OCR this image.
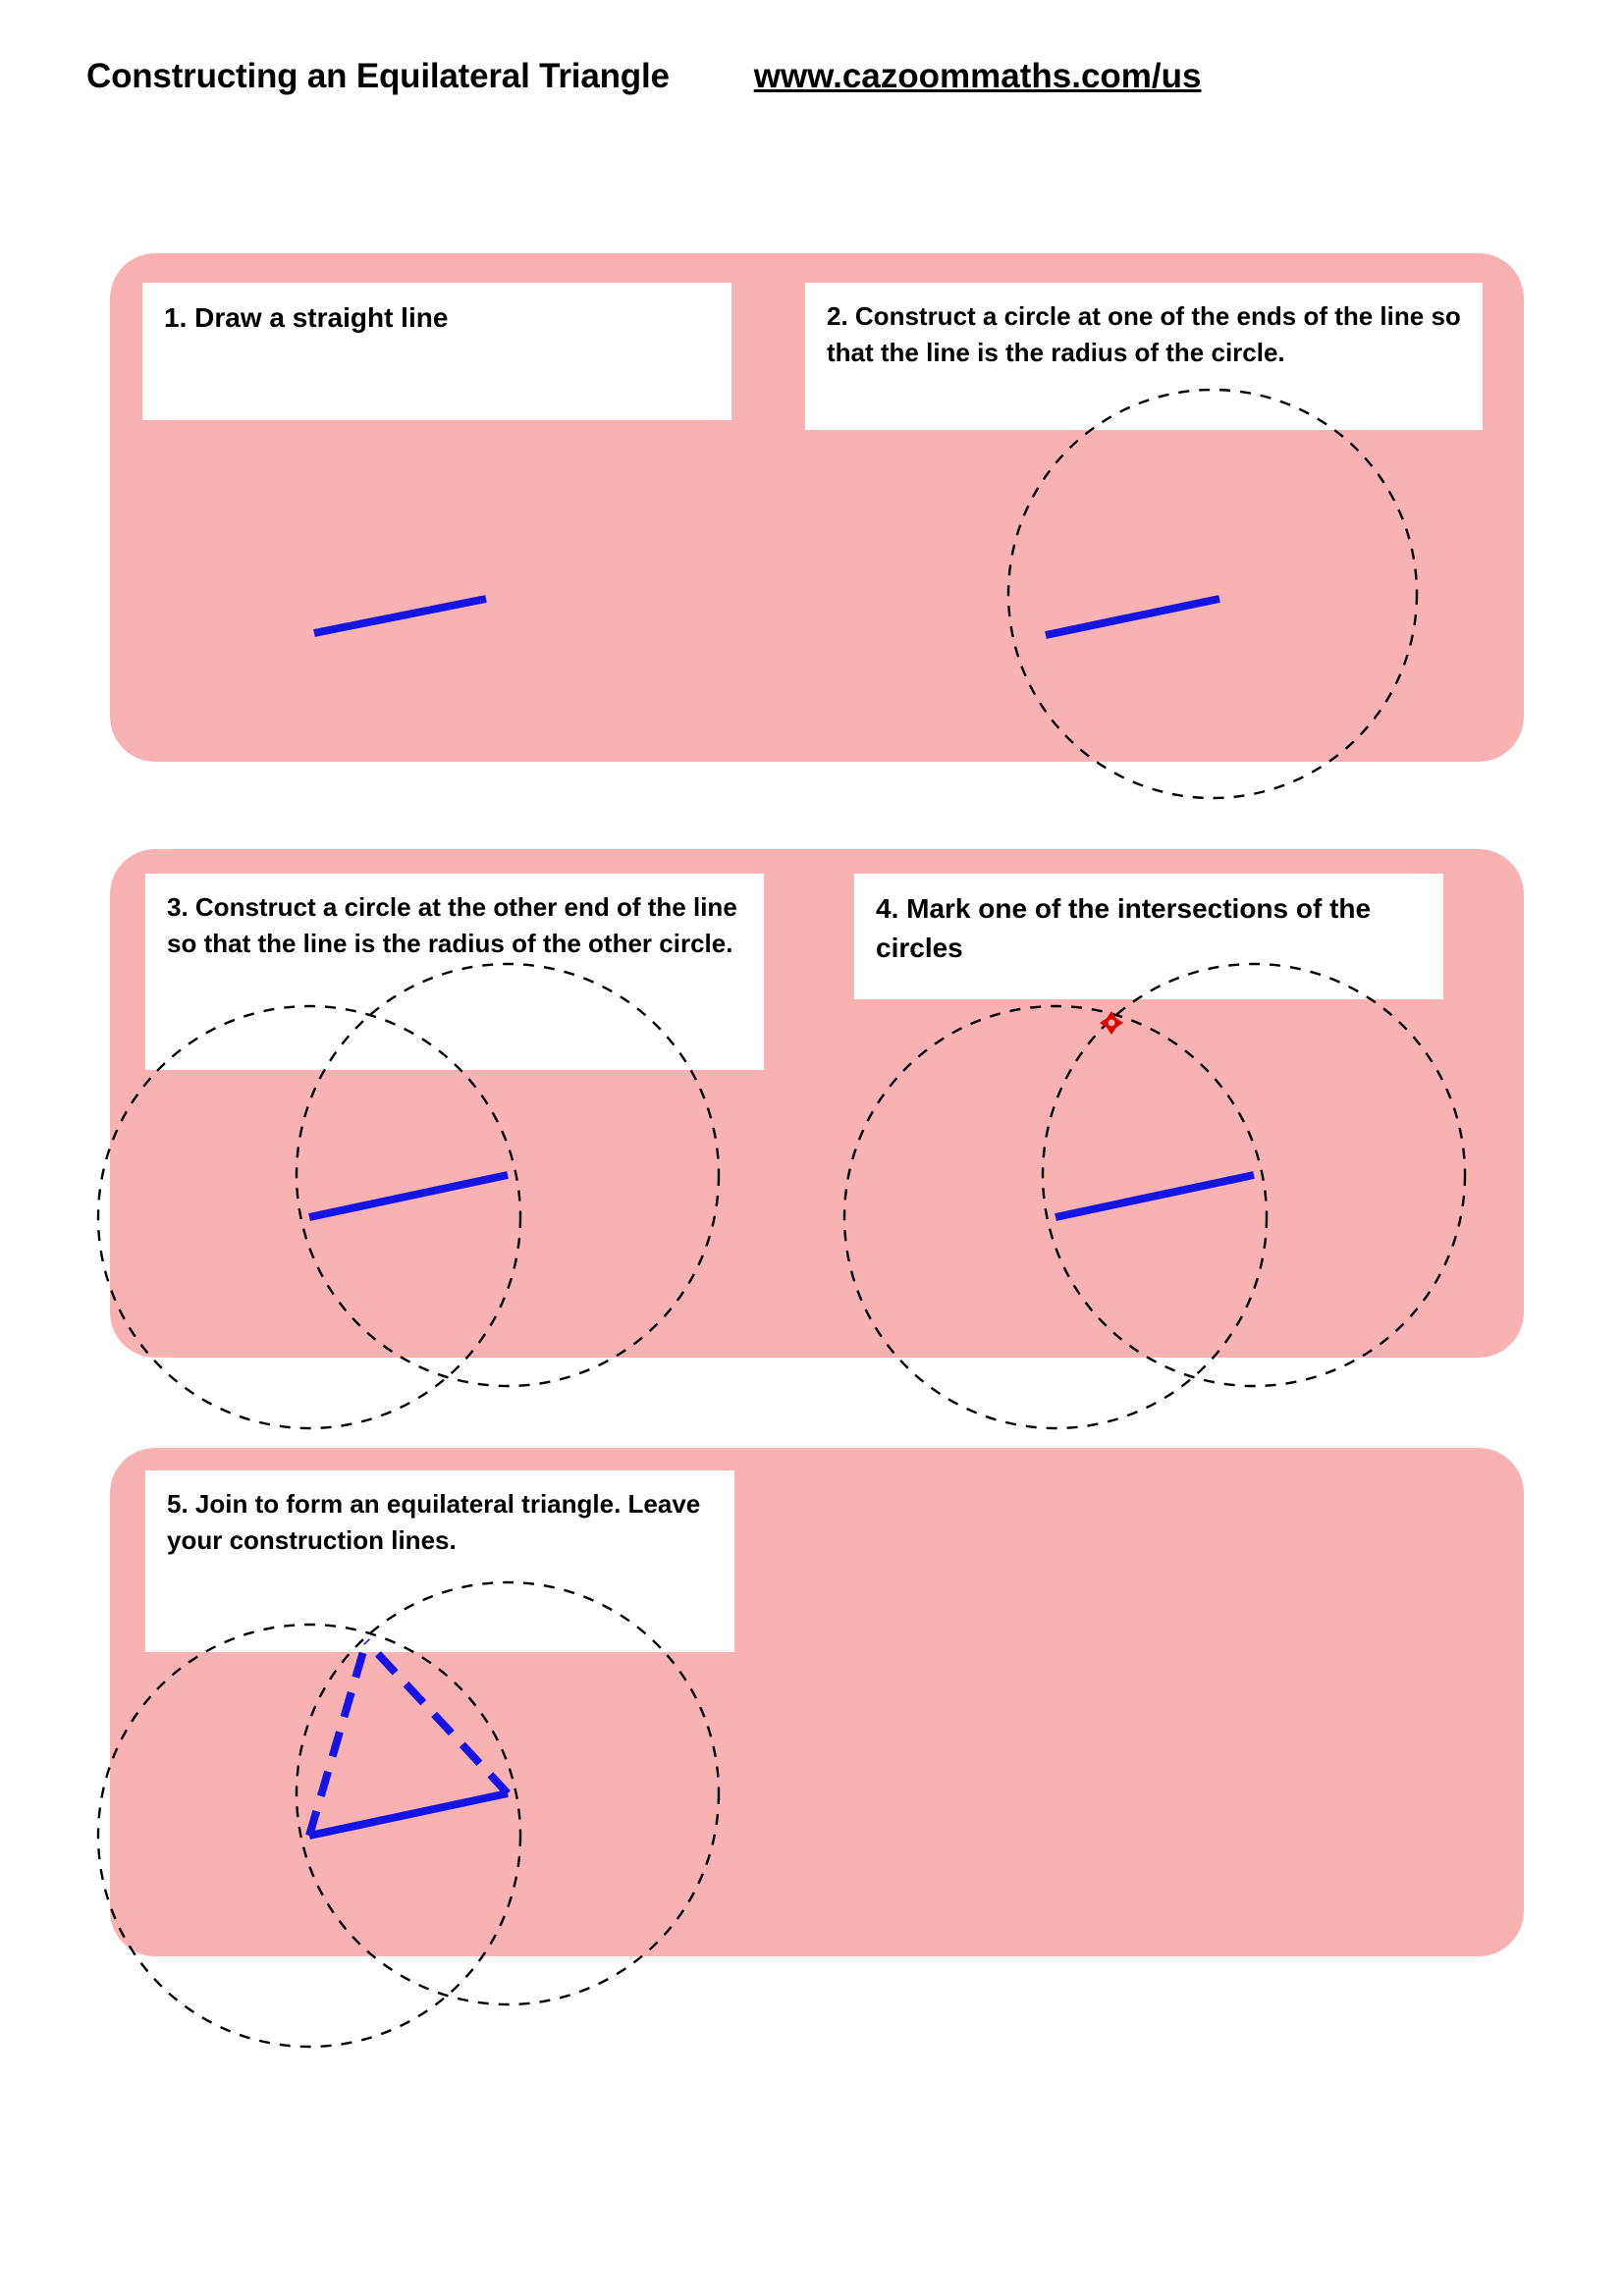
Constructing an Equilateral Triangle www.cazoommaths.com/us
1. Draw a straight line	2. Construct a circle at one of the ends of the line so that the line is the radius of the circle.
3. Construct a circle at the other end of the line so that the line is the radius of the other circle.
4. Mark one of the intersections of the circles
5. Join to form an equilateral triangle. Leave your construction lines.
